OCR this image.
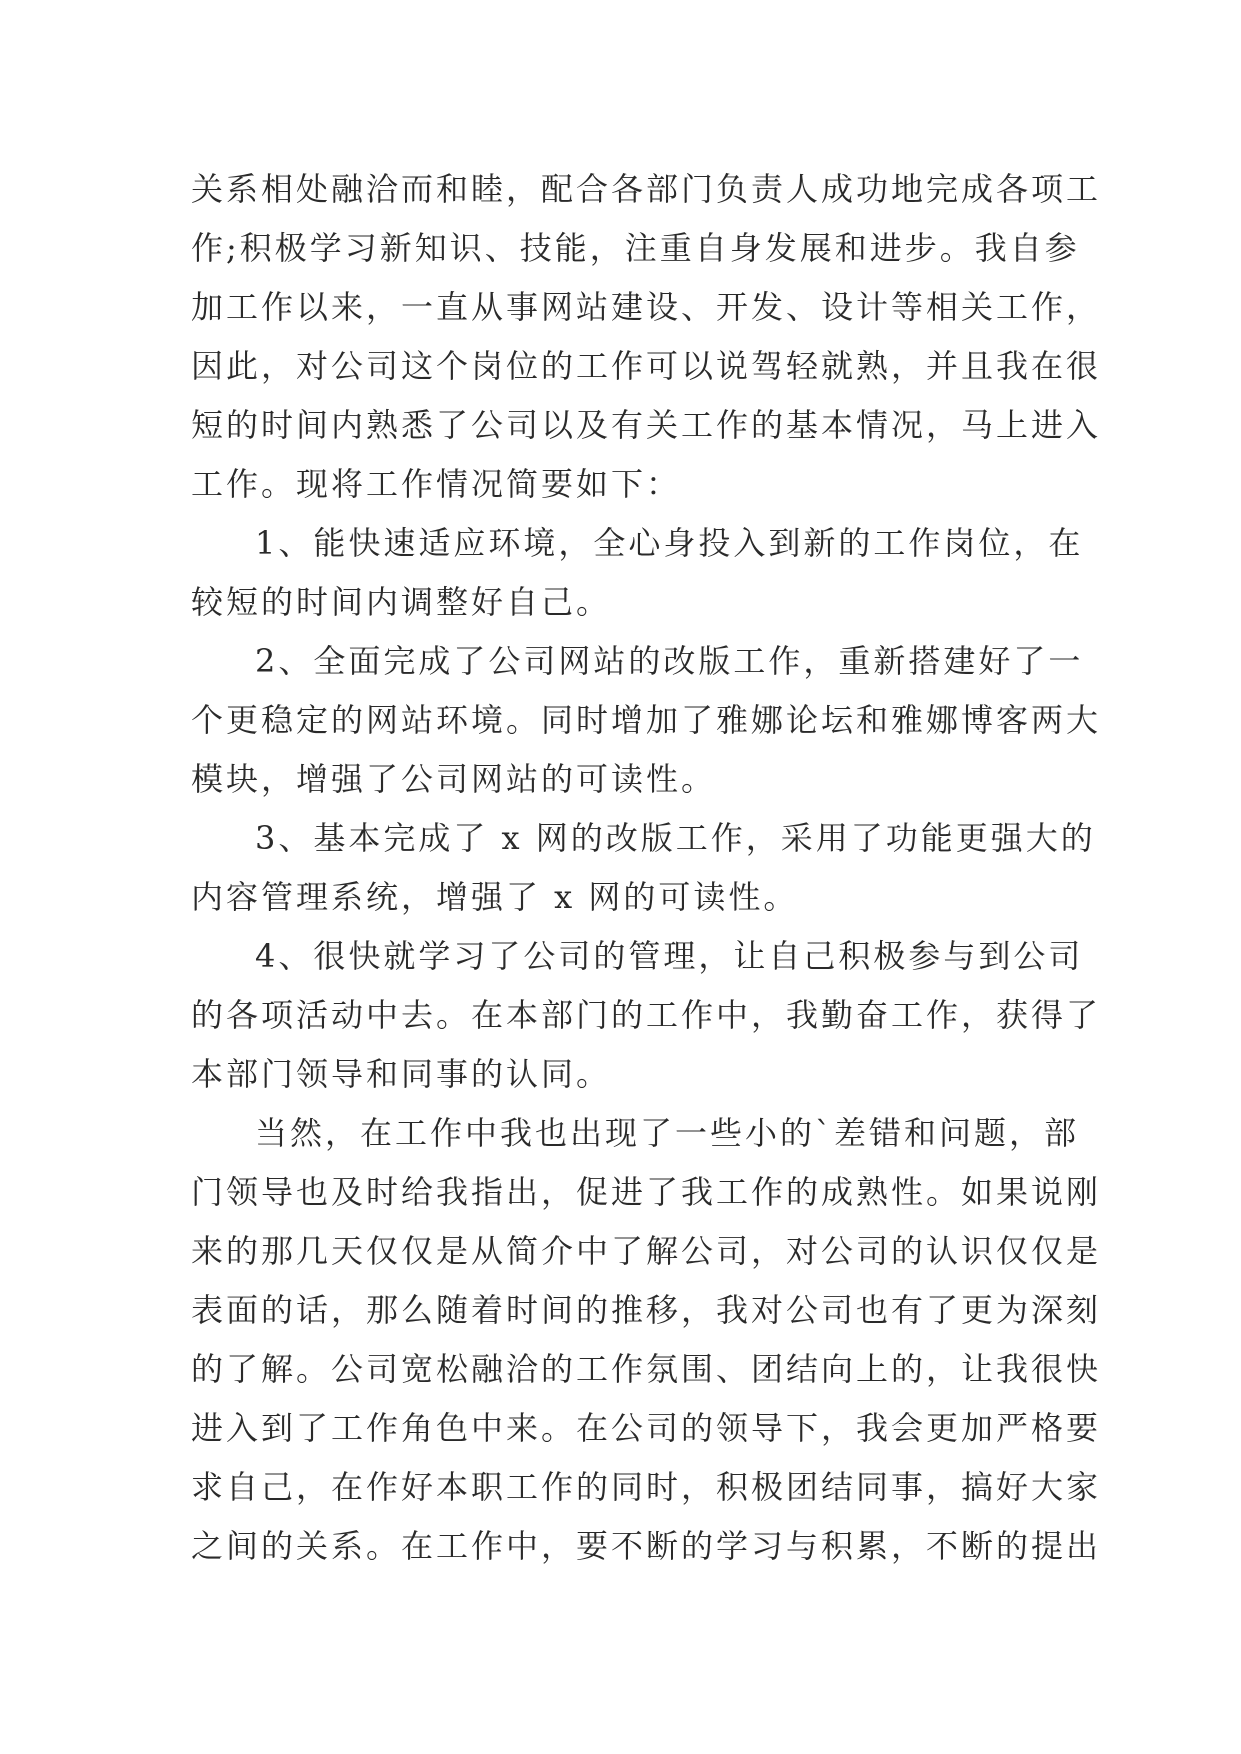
关系相处融洽而和睦，配合各部门负责人成功地完成各项工
作;积极学习新知识、技能，注重自身发展和进步。我自参
加工作以来，一直从事网站建设、开发、设计等相关工作，
因此，对公司这个岗位的工作可以说驾轻就熟，并且我在很
短的时间内熟悉了公司以及有关工作的基本情况，马上进入
工作。现将工作情况简要如下：
1、能快速适应环境，全心身投入到新的工作岗位，在
较短的时间内调整好自己。
2、全面完成了公司网站的改版工作，重新搭建好了一
个更稳定的网站环境。同时增加了雅娜论坛和雅娜博客两大
模块，增强了公司网站的可读性。
3、基本完成了 x 网的改版工作，采用了功能更强大的
内容管理系统，增强了 x 网的可读性。
4、很快就学习了公司的管理，让自己积极参与到公司
的各项活动中去。在本部门的工作中，我勤奋工作，获得了
本部门领导和同事的认同。
当然，在工作中我也出现了一些小的`差错和问题，部
门领导也及时给我指出，促进了我工作的成熟性。如果说刚
来的那几天仅仅是从简介中了解公司，对公司的认识仅仅是
表面的话，那么随着时间的推移，我对公司也有了更为深刻
的了解。公司宽松融洽的工作氛围、团结向上的，让我很快
进入到了工作角色中来。在公司的领导下，我会更加严格要
求自己，在作好本职工作的同时，积极团结同事，搞好大家
之间的关系。在工作中，要不断的学习与积累，不断的提出
